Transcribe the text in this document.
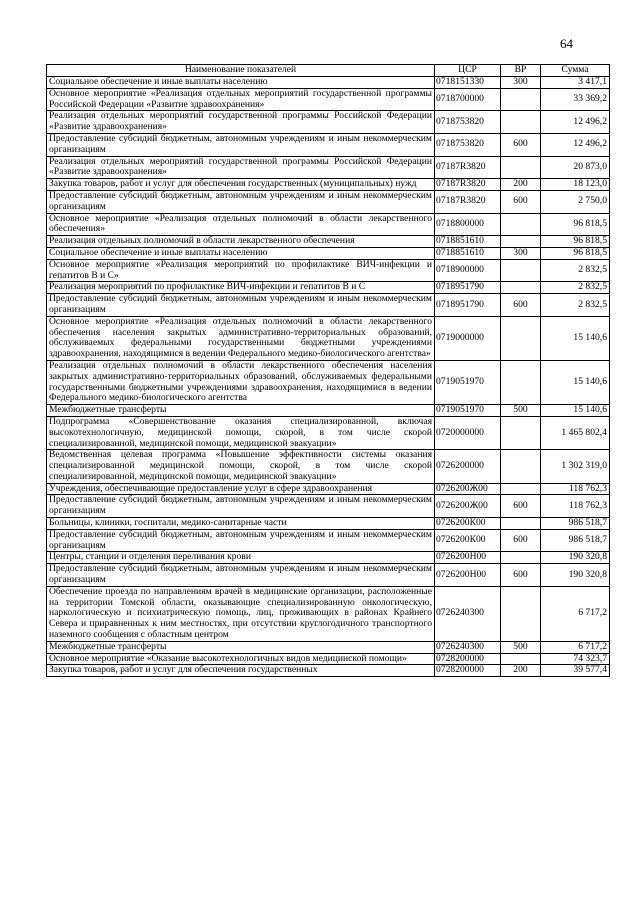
64
Наименование показателей	ЦСР	ВР	Сумма
Социальное обеспечение и иные выплаты населению	0718151330	300	3 417,1
Основное мероприятие «Реализация отдельных мероприятий государственной программы Российской Федерации «Развитие здравоохранения»	0718700000		33 369,2
Реализация отдельных мероприятий государственной программы Российской Федерации «Развитие здравоохранения»	0718753820		12 496,2
Предоставление субсидий бюджетным, автономным учреждениям и иным некоммерческим организациям	0718753820	600	12 496,2
Реализация отдельных мероприятий государственной программы Российской Федерации «Развитие здравоохранения»	07187R3820		20 873,0
Закупка товаров, работ и услуг для обеспечения государственных (муниципальных) нужд	07187R3820	200	18 123,0
Предоставление субсидий бюджетным, автономным учреждениям и иным некоммерческим организациям	07187R3820	600	2 750,0
Основное мероприятие «Реализация отдельных полномочий в области лекарственного обеспечения»	0718800000		96 818,5
Реализация отдельных полномочий в области лекарственного обеспечения	0718851610		96 818,5
Социальное обеспечение и иные выплаты населению	0718851610	300	96 818,5
Основное мероприятие «Реализация мероприятий по профилактике ВИЧ-инфекции и гепатитов В и С»	0718900000		2 832,5
Реализация мероприятий по профилактике ВИЧ-инфекции и гепатитов В и С	0718951790		2 832,5
Предоставление субсидий бюджетным, автономным учреждениям и иным некоммерческим организациям	0718951790	600	2 832,5
Основное мероприятие «Реализация отдельных полномочий в области лекарственного обеспечения населения закрытых административно-территориальных образований, обслуживаемых федеральными государственными бюджетными учреждениями здравоохранения, находящимися в ведении Федерального медико-биологического агентства»	0719000000		15 140,6
Реализация отдельных полномочий в области лекарственного обеспечения населения закрытых административно-территориальных образований, обслуживаемых федеральными государственными бюджетными учреждениями здравоохранения, находящимися в ведении Федерального медико-биологического агентства	0719051970		15 140,6
Межбюджетные трансферты	0719051970	500	15 140,6
Подпрограмма «Совершенствование оказания специализированной, включая высокотехнологичную, медицинской помощи, скорой, в том числе скорой специализированной, медицинской помощи, медицинской эвакуации»	0720000000		1 465 802,4
Ведомственная целевая программа «Повышение эффективности системы оказания специализированной медицинской помощи, скорой, в том числе скорой специализированной, медицинской помощи, медицинской эвакуации»	0726200000		1 302 319,0
Учреждения, обеспечивающие предоставление услуг в сфере здравоохранения	0726200Ж00		118 762,3
Предоставление субсидий бюджетным, автономным учреждениям и иным некоммерческим организациям	0726200Ж00	600	118 762,3
Больницы, клиники, госпитали, медико-санитарные части	0726200К00		986 518,7
Предоставление субсидий бюджетным, автономным учреждениям и иным некоммерческим организациям	0726200К00	600	986 518,7
Центры, станции и отделения переливания крови	0726200Н00		190 320,8
Предоставление субсидий бюджетным, автономным учреждениям и иным некоммерческим организациям	0726200Н00	600	190 320,8
Обеспечение проезда по направлениям врачей в медицинские организации, расположенные на территории Томской области, оказывающие специализированную онкологическую, наркологическую и психиатрическую помощь, лиц, проживающих в районах Крайнего Севера и приравненных к ним местностях, при отсутствии круглогодичного транспортного наземного сообщения с областным центром	0726240300		6 717,2
Межбюджетные трансферты	0726240300	500	6 717,2
Основное мероприятие «Оказание высокотехнологичных видов медицинской помощи»	0728200000		74 323,7
Закупка товаров, работ и услуг для обеспечения государственных	0728200000	200	39 577,4
